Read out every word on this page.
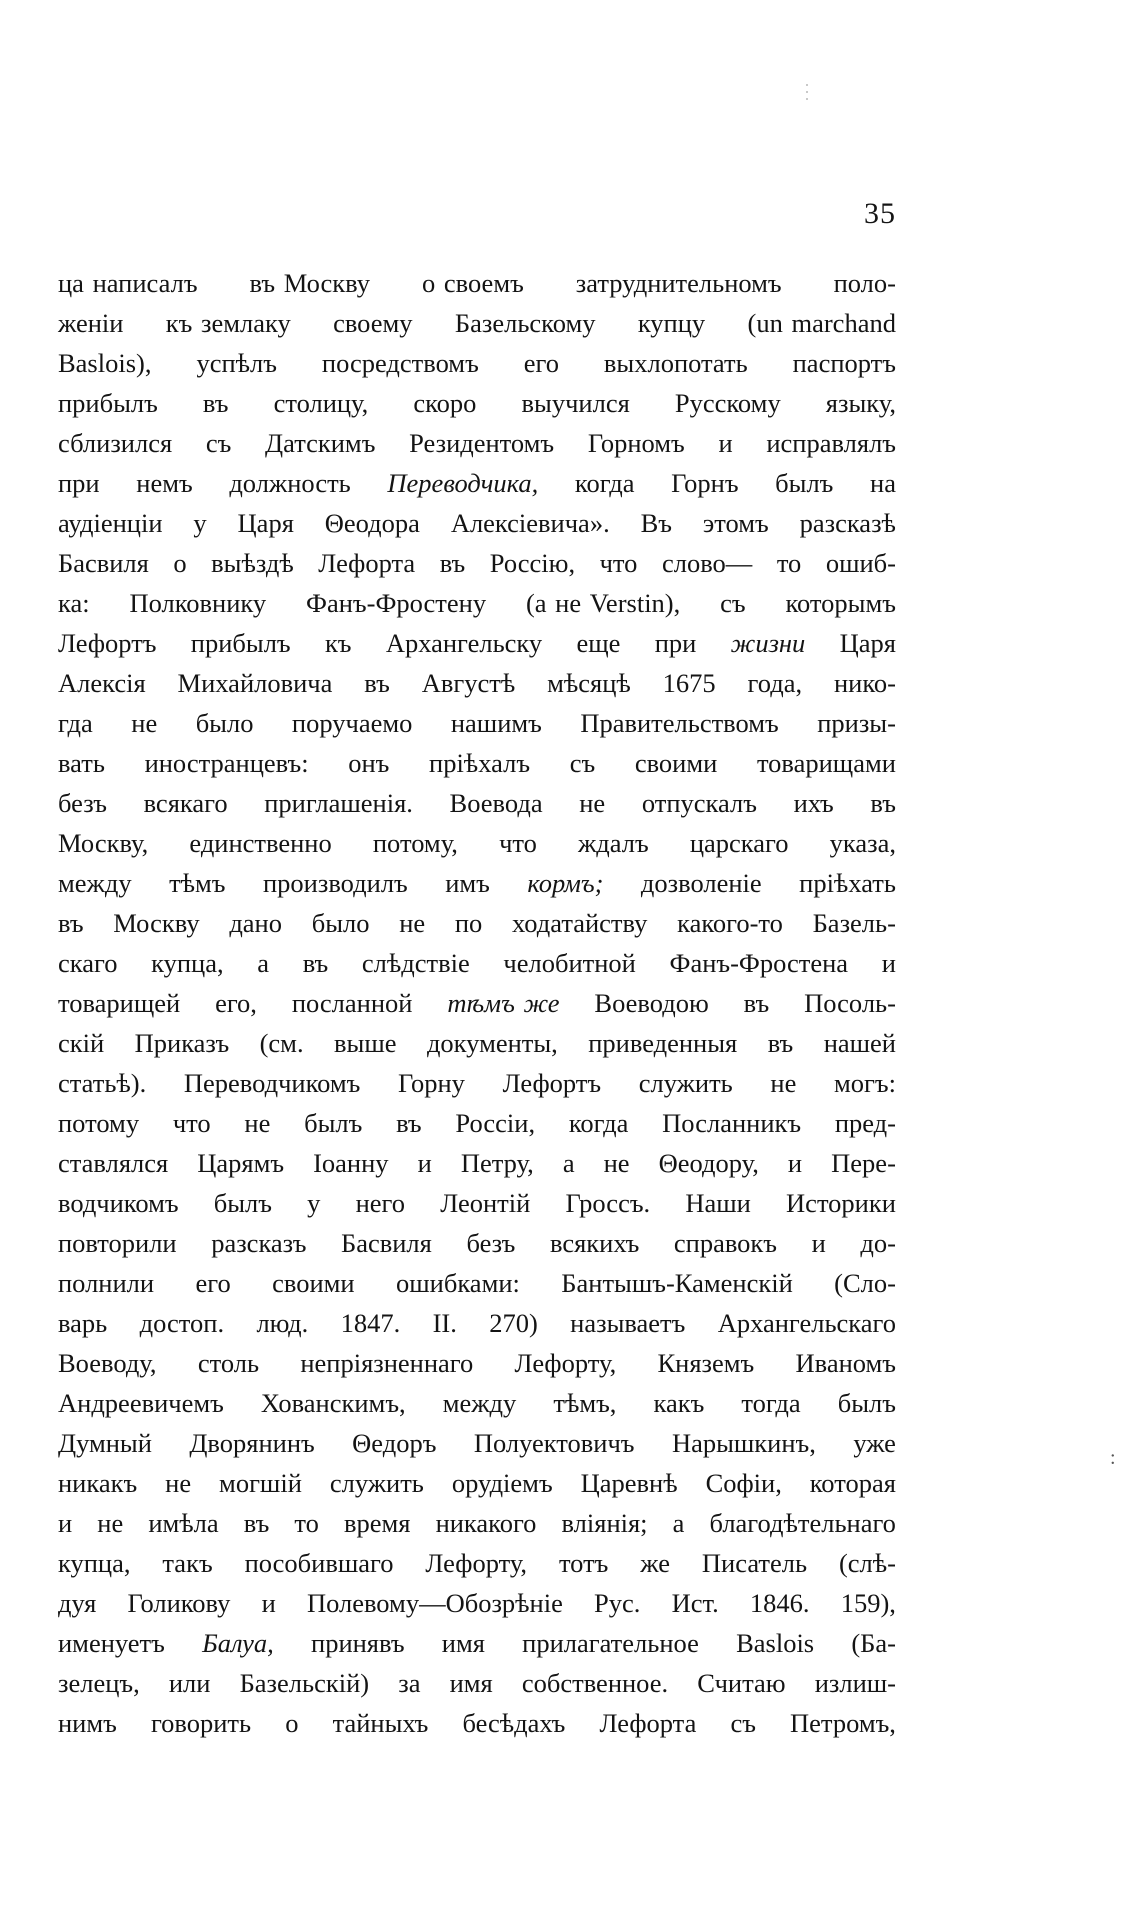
35
ца написалъ въ Москву о своемъ затруднительномъ поло-
женіи къ землаку своему Базельскому купцу (un marchand
Baslois), успѣлъ посредствомъ его выхлопотать паспортъ
прибылъ въ столицу, скоро выучился Русскому языку,
сблизился съ Датскимъ Резидентомъ Горномъ и исправлялъ
при немъ должность Переводчика, когда Горнъ былъ на
аудіенціи у Царя Θеодора Алексіевича». Въ этомъ разсказѣ
Басвиля о выѣздѣ Лефорта въ Россію, что слово— то ошиб-
ка: Полковнику Фанъ-Фростену (а не Verstin), съ которымъ
Лефортъ прибылъ къ Архангельску еще при жизни Царя
Алексія Михайловича въ Августѣ мѣсяцѣ 1675 года, нико-
гда не было поручаемо нашимъ Правительствомъ призы-
вать иностранцевъ: онъ пріѣхалъ съ своими товарищами
безъ всякаго приглашенія. Воевода не отпускалъ ихъ въ
Москву, единственно потому, что ждалъ царскаго указа,
между тѣмъ производилъ имъ кормъ; дозволеніе пріѣхать
въ Москву дано было не по ходатайству какого-то Базель-
скаго купца, а въ слѣдствіе челобитной Фанъ-Фростена и
товарищей его, посланной тѣмъ же Воеводою въ Посоль-
скій Приказъ (см. выше документы, приведенныя въ нашей
статьѣ). Переводчикомъ Горну Лефортъ служить не могъ:
потому что не былъ въ Россіи, когда Посланникъ пред-
ставлялся Царямъ Іоанну и Петру, а не Θеодору, и Пере-
водчикомъ былъ у него Леонтій Гроссъ. Наши Историки
повторили разсказъ Басвиля безъ всякихъ справокъ и до-
полнили его своими ошибками: Бантышъ-Каменскій (Сло-
варь достоп. люд. 1847. II. 270) называетъ Архангельскаго
Воеводу, столь непріязненнаго Лефорту, Княземъ Иваномъ
Андреевичемъ Хованскимъ, между тѣмъ, какъ тогда былъ
Думный Дворянинъ Θедоръ Полуектовичъ Нарышкинъ, уже
никакъ не могшій служить орудіемъ Царевнѣ Софіи, которая
и не имѣла въ то время никакого вліянія; а благодѣтельнаго
купца, такъ пособившаго Лефорту, тотъ же Писатель (слѣ-
дуя Голикову и Полевому—Обозрѣніе Рус. Ист. 1846. 159),
именуетъ Балуа, принявъ имя прилагательное Baslois (Ба-
зелецъ, или Базельскій) за имя собственное. Считаю излиш-
нимъ говорить о тайныхъ бесѣдахъ Лефорта съ Петромъ,
:
